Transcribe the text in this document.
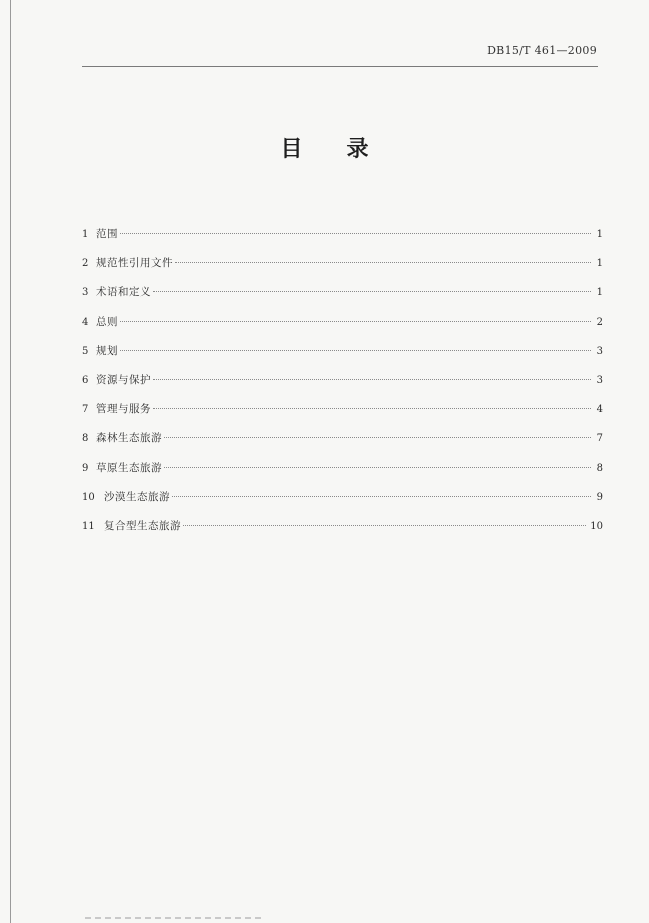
DB15/T 461—2009
目 录
1 范围	1
2 规范性引用文件	1
3 术语和定义	1
4 总则	2
5 规划	3
6 资源与保护	3
7 管理与服务	4
8 森林生态旅游	7
9 草原生态旅游	8
10 沙漠生态旅游	9
11 复合型生态旅游	10
